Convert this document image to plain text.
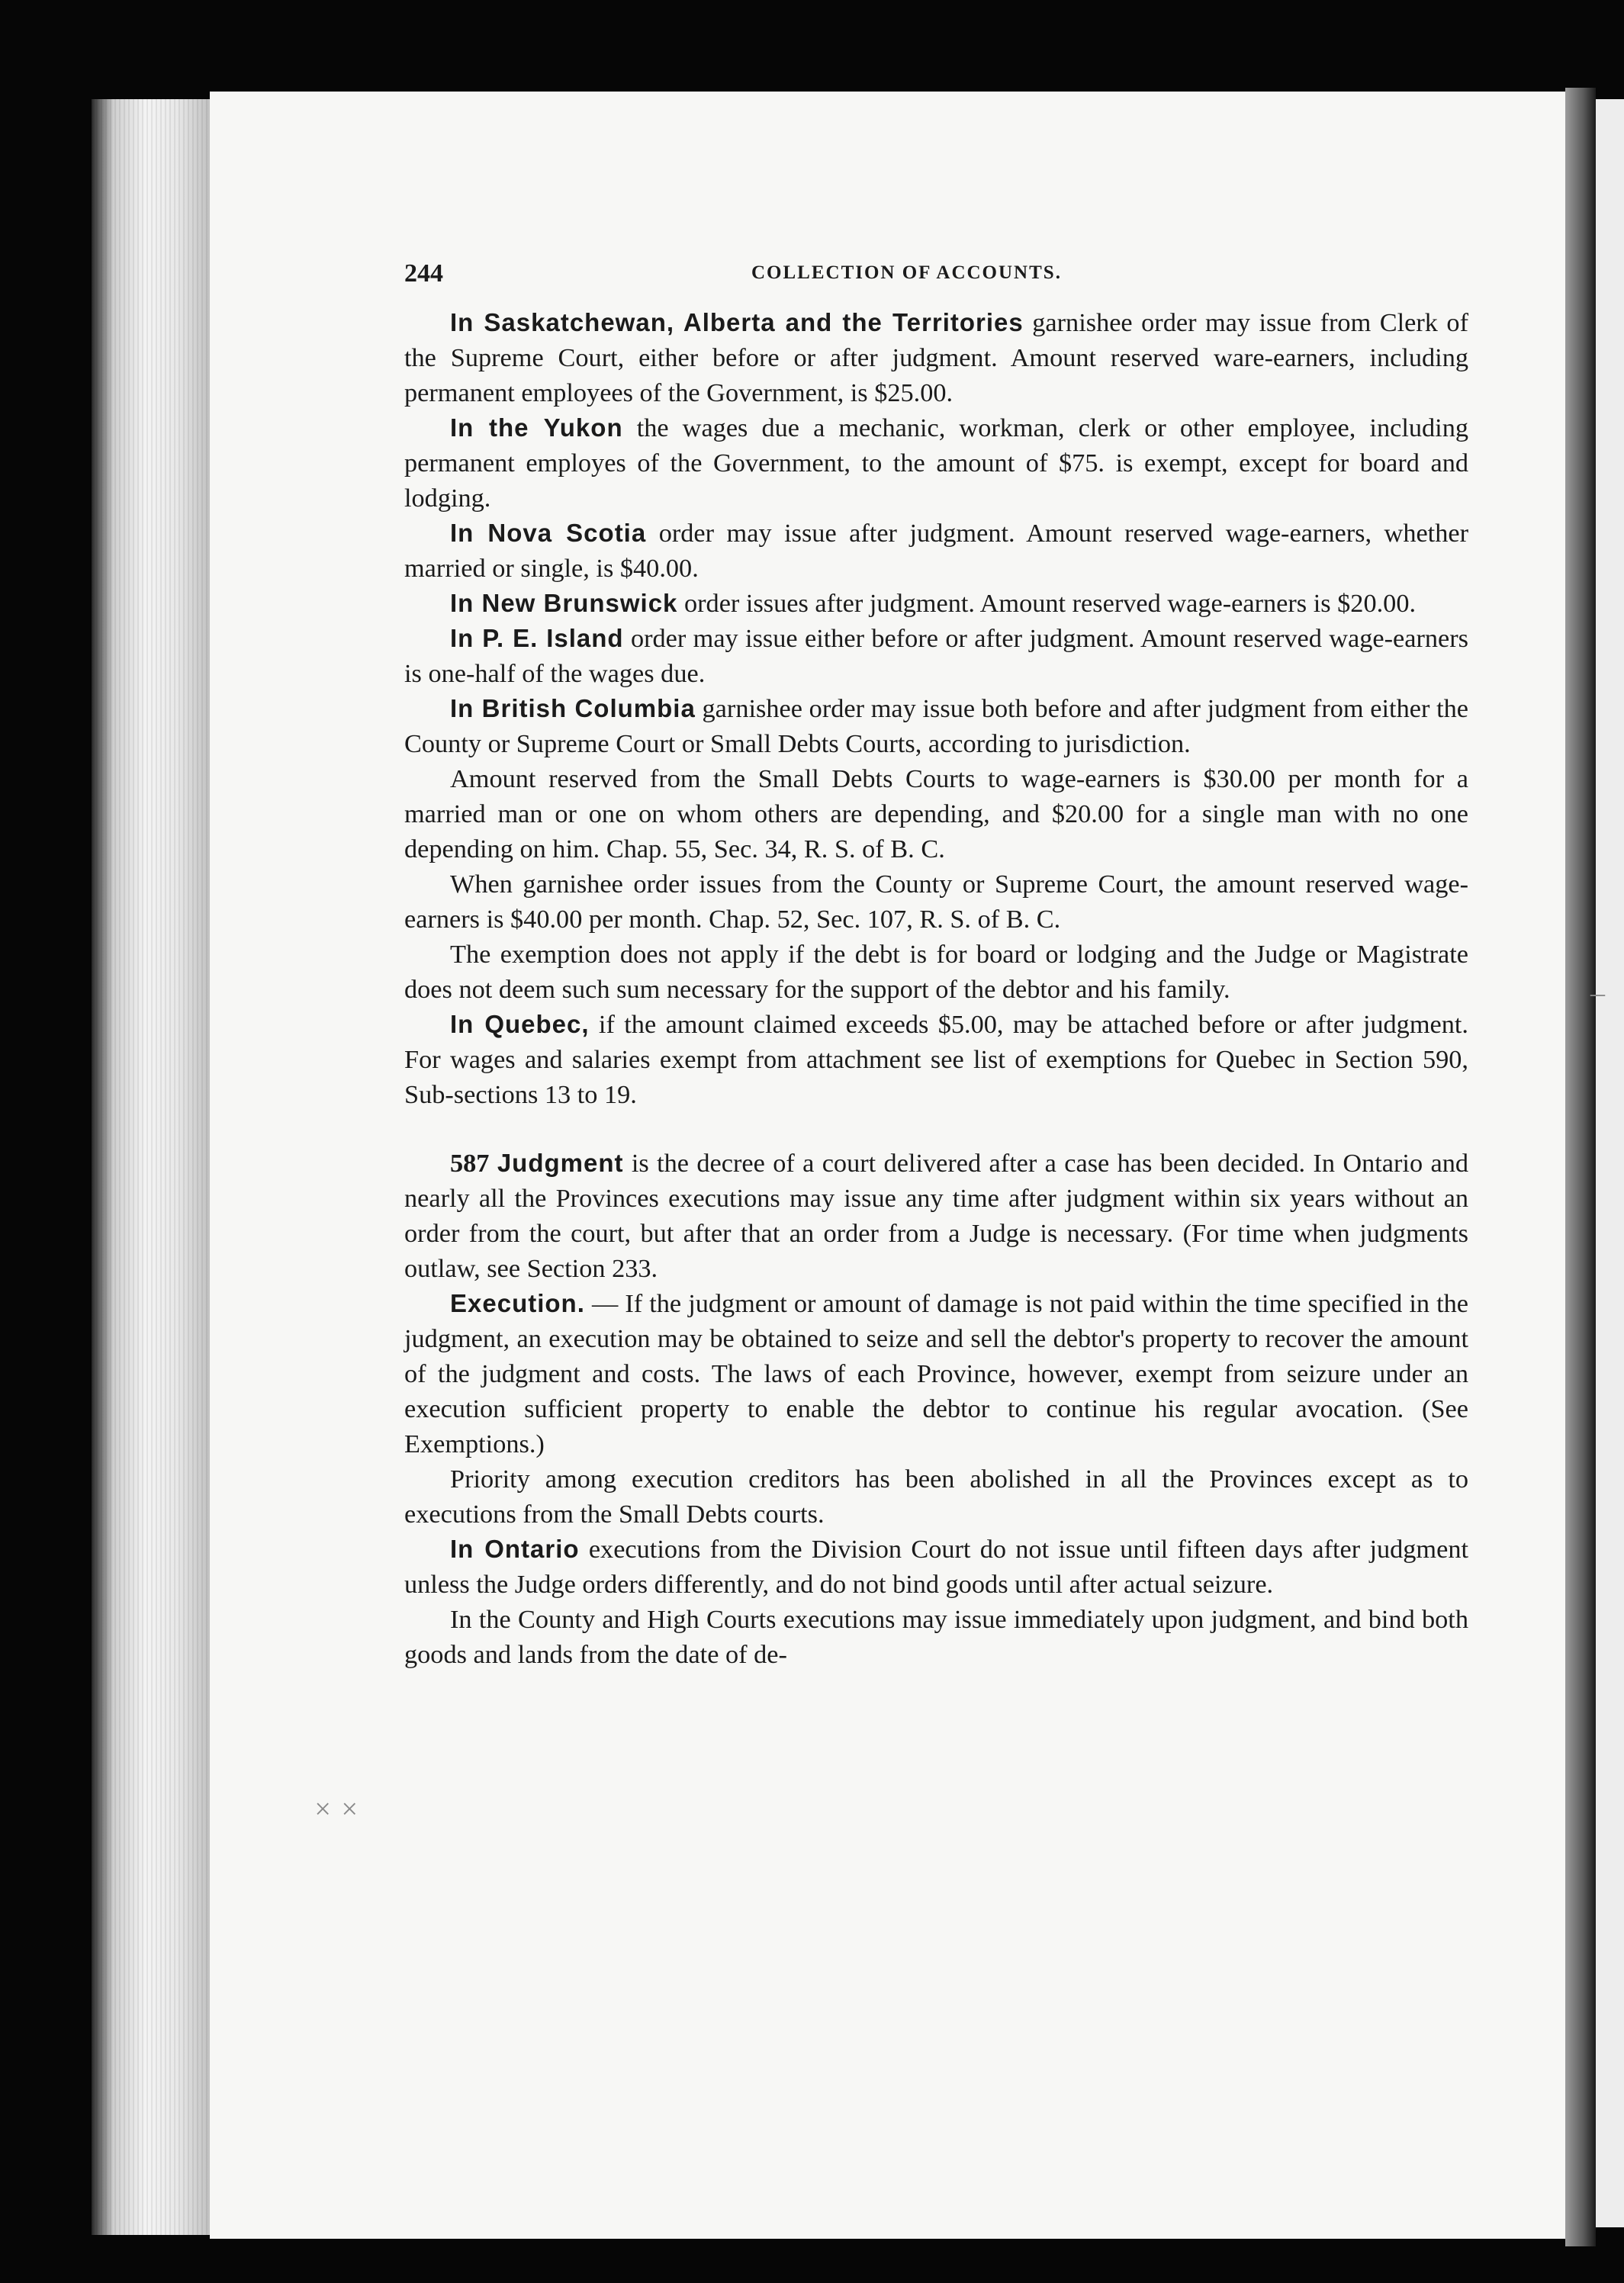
× ×
–
244	COLLECTION OF ACCOUNTS.

In Saskatchewan, Alberta and the Territories garnishee order may issue from Clerk of the Supreme Court, either before or after judgment. Amount reserved ware-earners, including permanent employees of the Government, is $25.00.

In the Yukon the wages due a mechanic, workman, clerk or other employee, including permanent employes of the Government, to the amount of $75. is exempt, except for board and lodging.

In Nova Scotia order may issue after judgment. Amount reserved wage-earners, whether married or single, is $40.00.

In New Brunswick order issues after judgment. Amount reserved wage-earners is $20.00.

In P. E. Island order may issue either before or after judgment. Amount reserved wage-earners is one-half of the wages due.

In British Columbia garnishee order may issue both before and after judgment from either the County or Supreme Court or Small Debts Courts, according to jurisdiction.

Amount reserved from the Small Debts Courts to wage-earners is $30.00 per month for a married man or one on whom others are depending, and $20.00 for a single man with no one depending on him. Chap. 55, Sec. 34, R. S. of B. C.

When garnishee order issues from the County or Supreme Court, the amount reserved wage-earners is $40.00 per month. Chap. 52, Sec. 107, R. S. of B. C.

The exemption does not apply if the debt is for board or lodging and the Judge or Magistrate does not deem such sum necessary for the support of the debtor and his family.

In Quebec, if the amount claimed exceeds $5.00, may be attached before or after judgment. For wages and salaries exempt from attachment see list of exemptions for Quebec in Section 590, Sub-sections 13 to 19.

587 Judgment is the decree of a court delivered after a case has been decided. In Ontario and nearly all the Provinces executions may issue any time after judgment within six years without an order from the court, but after that an order from a Judge is necessary. (For time when judgments outlaw, see Section 233.

Execution. — If the judgment or amount of damage is not paid within the time specified in the judgment, an execution may be obtained to seize and sell the debtor's property to recover the amount of the judgment and costs. The laws of each Province, however, exempt from seizure under an execution sufficient property to enable the debtor to continue his regular avocation. (See Exemptions.)

Priority among execution creditors has been abolished in all the Provinces except as to executions from the Small Debts courts.

In Ontario executions from the Division Court do not issue until fifteen days after judgment unless the Judge orders differently, and do not bind goods until after actual seizure.

In the County and High Courts executions may issue immediately upon judgment, and bind both goods and lands from the date of de-
